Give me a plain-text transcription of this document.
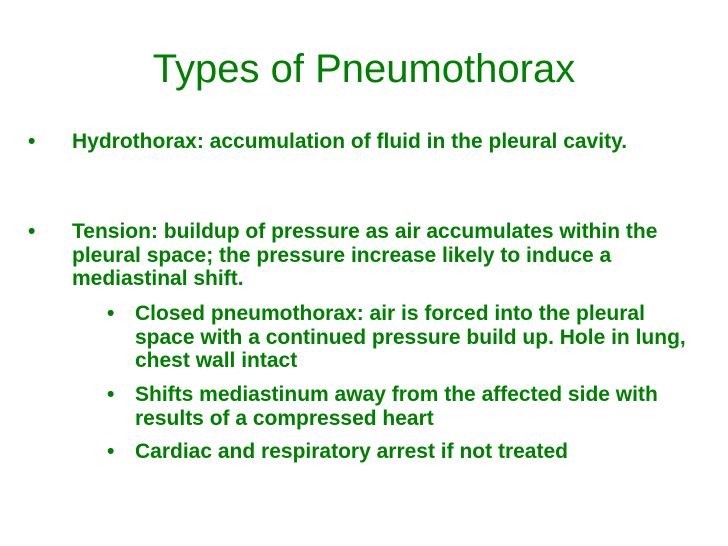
Types of Pneumothorax
• Hydrothorax: accumulation of fluid in the pleural cavity.
• Tension: buildup of pressure as air accumulates within the pleural space; the pressure increase likely to induce a mediastinal shift.
• Closed pneumothorax: air is forced into the pleural space with a continued pressure build up. Hole in lung, chest wall intact
• Shifts mediastinum away from the affected side with results of a compressed heart
• Cardiac and respiratory arrest if not treated
